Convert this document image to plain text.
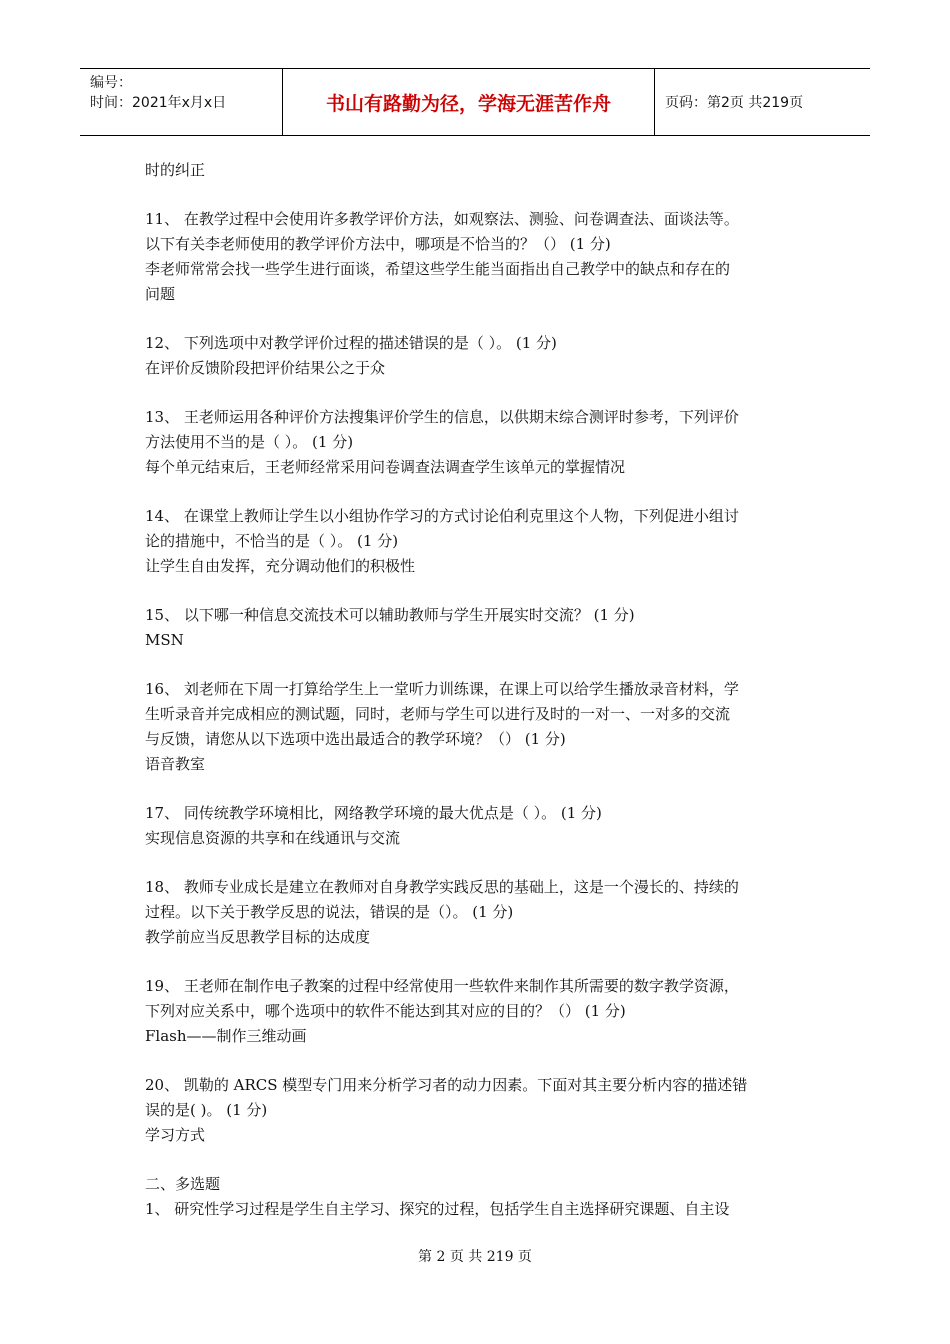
编号：
时间：2021年x月x日	书山有路勤为径，学海无涯苦作舟	页码：第2页 共219页
时的纠正
11、 在教学过程中会使用许多教学评价方法，如观察法、测验、问卷调查法、面谈法等。
以下有关李老师使用的教学评价方法中，哪项是不恰当的？（） (1 分)
李老师常常会找一些学生进行面谈，希望这些学生能当面指出自己教学中的缺点和存在的
问题
12、 下列选项中对教学评价过程的描述错误的是（ ）。 (1 分)
在评价反馈阶段把评价结果公之于众
13、 王老师运用各种评价方法搜集评价学生的信息，以供期末综合测评时参考，下列评价
方法使用不当的是（ ）。 (1 分)
每个单元结束后，王老师经常采用问卷调查法调查学生该单元的掌握情况
14、 在课堂上教师让学生以小组协作学习的方式讨论伯利克里这个人物，下列促进小组讨
论的措施中，不恰当的是（ ）。 (1 分)
让学生自由发挥，充分调动他们的积极性
15、 以下哪一种信息交流技术可以辅助教师与学生开展实时交流？ (1 分)
MSN
16、 刘老师在下周一打算给学生上一堂听力训练课，在课上可以给学生播放录音材料，学
生听录音并完成相应的测试题，同时，老师与学生可以进行及时的一对一、一对多的交流
与反馈，请您从以下选项中选出最适合的教学环境？（） (1 分)
语音教室
17、 同传统教学环境相比，网络教学环境的最大优点是（ ）。 (1 分)
实现信息资源的共享和在线通讯与交流
18、 教师专业成长是建立在教师对自身教学实践反思的基础上，这是一个漫长的、持续的
过程。以下关于教学反思的说法，错误的是（）。 (1 分)
教学前应当反思教学目标的达成度
19、 王老师在制作电子教案的过程中经常使用一些软件来制作其所需要的数字教学资源，
下列对应关系中，哪个选项中的软件不能达到其对应的目的？（） (1 分)
Flash——制作三维动画
20、 凯勒的 ARCS 模型专门用来分析学习者的动力因素。下面对其主要分析内容的描述错
误的是( )。 (1 分)
学习方式
二、多选题
1、 研究性学习过程是学生自主学习、探究的过程，包括学生自主选择研究课题、自主设
第 2 页 共 219 页
